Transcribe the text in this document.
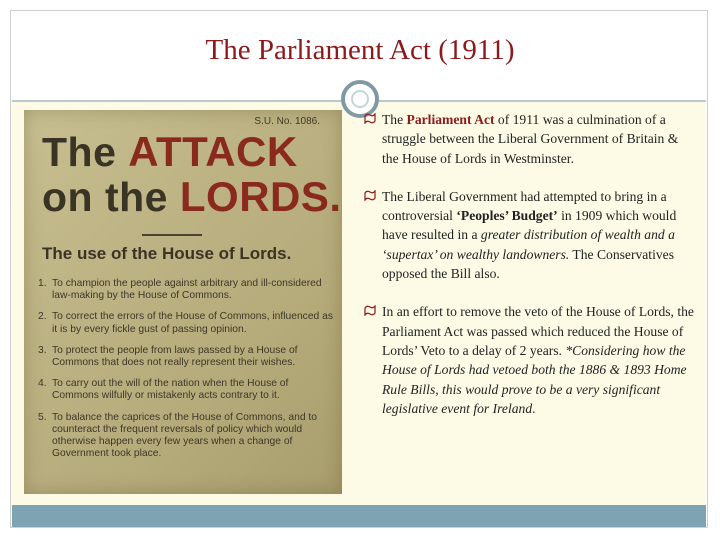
The Parliament Act (1911)
S.U. No. 1086.
The ATTACK
on the LORDS.
The use of the House of Lords.
1. To champion the people against arbitrary and ill-considered law-making by the House of Commons.
2. To correct the errors of the House of Commons, influenced as it is by every fickle gust of passing opinion.
3. To protect the people from laws passed by a House of Commons that does not really represent their wishes.
4. To carry out the will of the nation when the House of Commons wilfully or mistakenly acts contrary to it.
5. To balance the caprices of the House of Commons, and to counteract the frequent reversals of policy which would otherwise happen every few years when a change of Government took place.
The Parliament Act of 1911 was a culmination of a struggle between the Liberal Government of Britain & the House of Lords in Westminster.
The Liberal Government had attempted to bring in a controversial ‘Peoples’ Budget’ in 1909 which would have resulted in a greater distribution of wealth and a ‘supertax’ on wealthy landowners. The Conservatives opposed the Bill also.
In an effort to remove the veto of the House of Lords, the Parliament Act was passed which reduced the House of Lords’ Veto to a delay of 2 years. *Considering how the House of Lords had vetoed both the 1886 & 1893 Home Rule Bills, this would prove to be a very significant legislative event for Ireland.
